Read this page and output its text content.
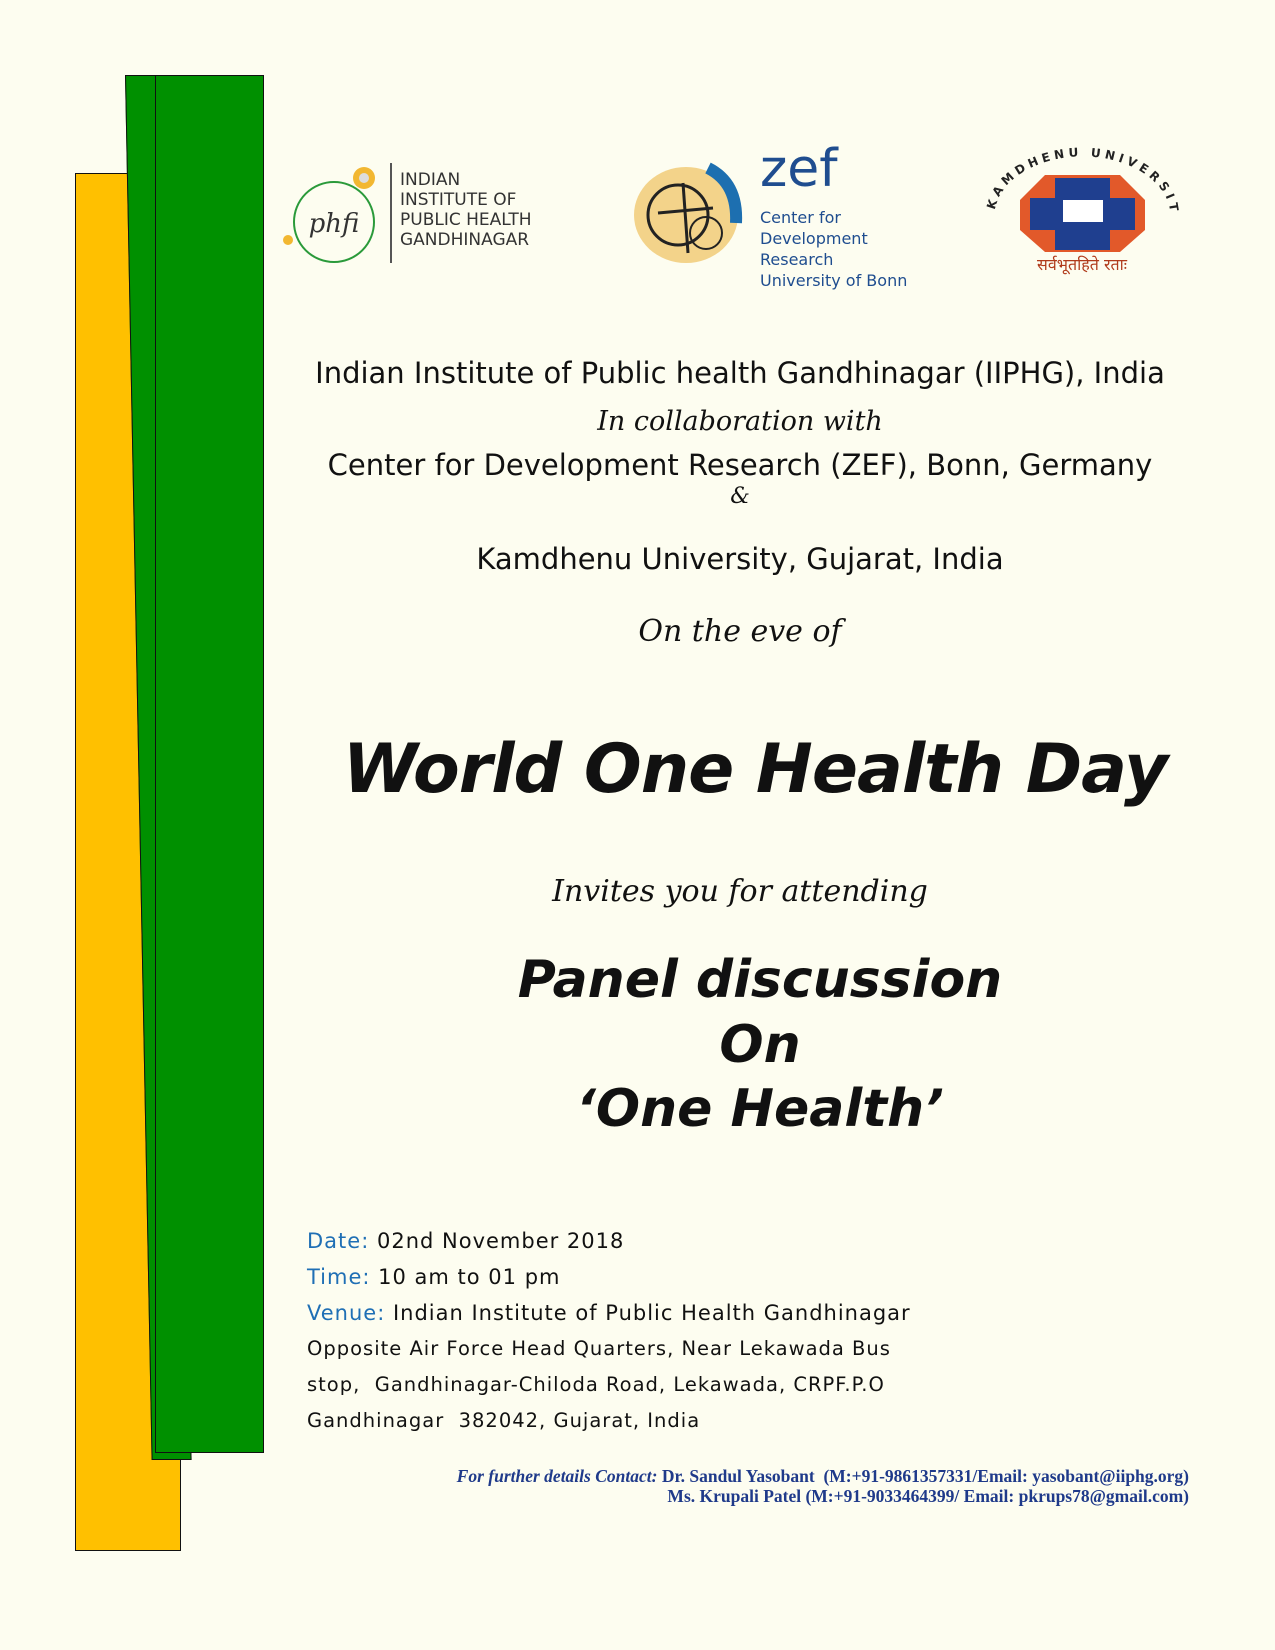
phfi
INDIAN
INSTITUTE OF
PUBLIC HEALTH
GANDHINAGAR
zef
Center for
Development Research
University of Bonn
KAMDHENU UNIVERSIT
सर्वभूतहिते रताः
Indian Institute of Public health Gandhinagar (IIPHG), India
In collaboration with
Center for Development Research (ZEF), Bonn, Germany
&
Kamdhenu University, Gujarat, India
On the eve of
World One Health Day
Invites you for attending
Panel discussion
On
‘One Health’
Date: 02nd November 2018
Time: 10 am to 01 pm
Venue: Indian Institute of Public Health Gandhinagar
Opposite Air Force Head Quarters, Near Lekawada Bus
stop,  Gandhinagar-Chiloda Road, Lekawada, CRPF.P.O
Gandhinagar  382042, Gujarat, India
For further details Contact: Dr. Sandul Yasobant  (M:+91-9861357331/Email: yasobant@iiphg.org)
Ms. Krupali Patel (M:+91-9033464399/ Email: pkrups78@gmail.com)
